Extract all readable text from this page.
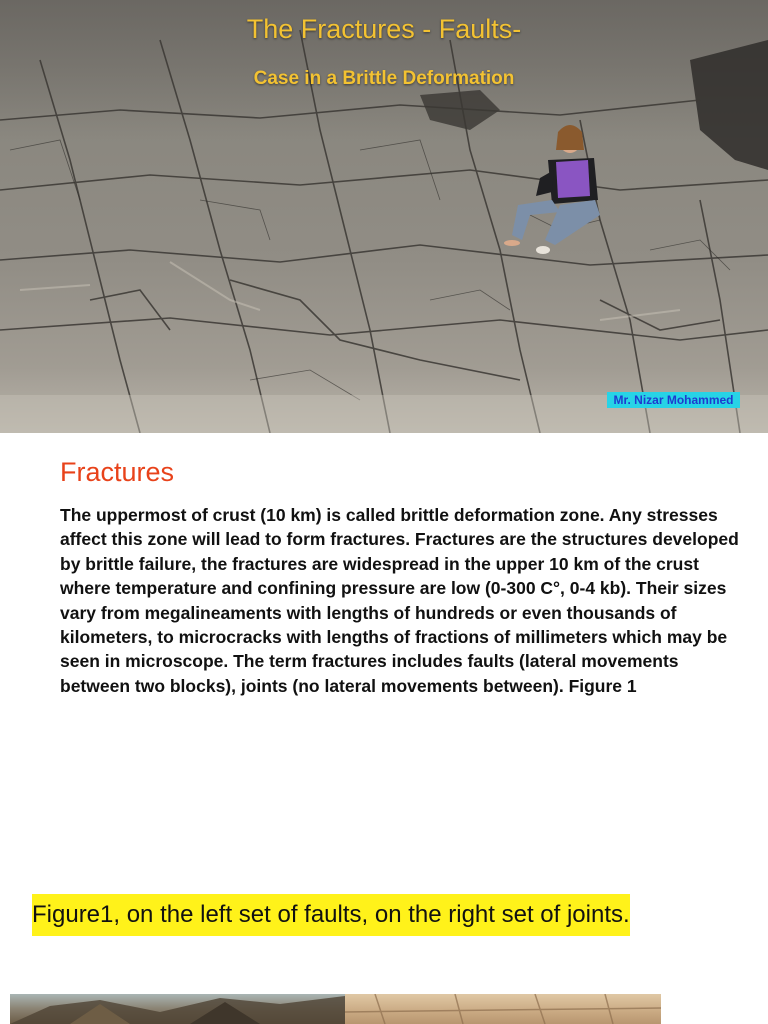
The Fractures - Faults-
Case in a Brittle Deformation
Mr. Nizar Mohammed
Fractures
The uppermost of crust (10 km) is called brittle deformation zone. Any stresses affect this zone will lead to form fractures. Fractures are the structures developed by brittle failure, the fractures are widespread in the upper 10 km of the crust where temperature and confining pressure are low (0-300 C°, 0-4 kb). Their sizes vary from megalineaments with lengths of hundreds or even thousands of kilometers, to microcracks with lengths of fractions of millimeters which may be seen in microscope. The term fractures includes faults (lateral movements between two blocks), joints (no lateral movements between). Figure 1
Figure1, on the left set of faults, on the right set of joints.
